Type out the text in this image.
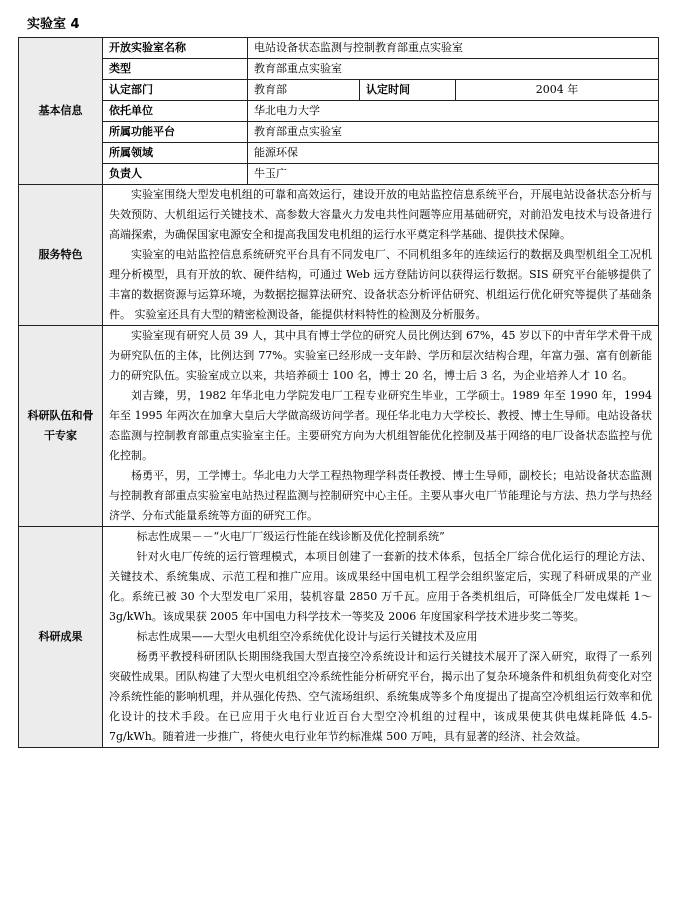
实验室 4
基本信息	开放实验室名称	电站设备状态监测与控制教育部重点实验室		
	类型	教育部重点实验室		
	认定部门	教育部	认定时间	2004 年
	依托单位	华北电力大学		
	所属功能平台	教育部重点实验室		
	所属领域	能源环保		
	负责人	牛玉广		
服务特色	实验室围绕大型发电机组的可靠和高效运行，建设开放的电站监控信息系统平台，开展电站设备状态分析与失效预防、大机组运行关键技术、高参数大容量火力发电共性问题等应用基础研究，对前沿发电技术与设备进行高端探索，为确保国家电源安全和提高我国发电机组的运行水平奠定科学基础、提供技术保障。

实验室的电站监控信息系统研究平台具有不同发电厂、不同机组多年的连续运行的数据及典型机组全工况机理分析模型，具有开放的软、硬件结构，可通过 Web 远方登陆访问以获得运行数据。SIS 研究平台能够提供了丰富的数据资源与运算环境，为数据挖掘算法研究、设备状态分析评估研究、机组运行优化研究等提供了基础条件。 实验室还具有大型的精密检测设备，能提供材料特性的检测及分析服务。			

科研队伍和骨干专家	实验室现有研究人员 39 人，其中具有博士学位的研究人员比例达到 67%，45 岁以下的中青年学术骨干成为研究队伍的主体，比例达到 77%。实验室已经形成一支年龄、学历和层次结构合理，年富力强、富有创新能力的研究队伍。实验室成立以来，共培养硕士 100 名，博士 20 名，博士后 3 名，为企业培养人才 10 名。

刘吉臻，男，1982 年华北电力学院发电厂工程专业研究生毕业，工学硕士。1989 年至 1990 年，1994 年至 1995 年两次在加拿大皇后大学做高级访问学者。现任华北电力大学校长、教授、博士生导师。电站设备状态监测与控制教育部重点实验室主任。主要研究方向为大机组智能优化控制及基于网络的电厂设备状态监控与优化控制。

杨勇平，男，工学博士。华北电力大学工程热物理学科责任教授、博士生导师，副校长；电站设备状态监测与控制教育部重点实验室电站热过程监测与控制研究中心主任。主要从事火电厂节能理论与方法、热力学与热经济学、分布式能量系统等方面的研究工作。			

科研成果	标志性成果－－“火电厂厂级运行性能在线诊断及优化控制系统”

针对火电厂传统的运行管理模式，本项目创建了一套新的技术体系，包括全厂综合优化运行的理论方法、关键技术、系统集成、示范工程和推广应用。该成果经中国电机工程学会组织鉴定后，实现了科研成果的产业化。系统已被 30 个大型发电厂采用，装机容量 2850 万千瓦。应用于各类机组后，可降低全厂发电煤耗 1～3g/kWh。该成果获 2005 年中国电力科学技术一等奖及 2006 年度国家科学技术进步奖二等奖。

标志性成果——大型火电机组空冷系统优化设计与运行关键技术及应用

杨勇平教授科研团队长期围绕我国大型直接空冷系统设计和运行关键技术展开了深入研究，取得了一系列突破性成果。团队构建了大型火电机组空冷系统性能分析研究平台，揭示出了复杂环境条件和机组负荷变化对空冷系统性能的影响机理，并从强化传热、空气流场组织、系统集成等多个角度提出了提高空冷机组运行效率和优化设计的技术手段。在已应用于火电行业近百台大型空冷机组的过程中，该成果使其供电煤耗降低 4.5-7g/kWh。随着进一步推广，将使火电行业年节约标准煤 500 万吨，具有显著的经济、社会效益。			
